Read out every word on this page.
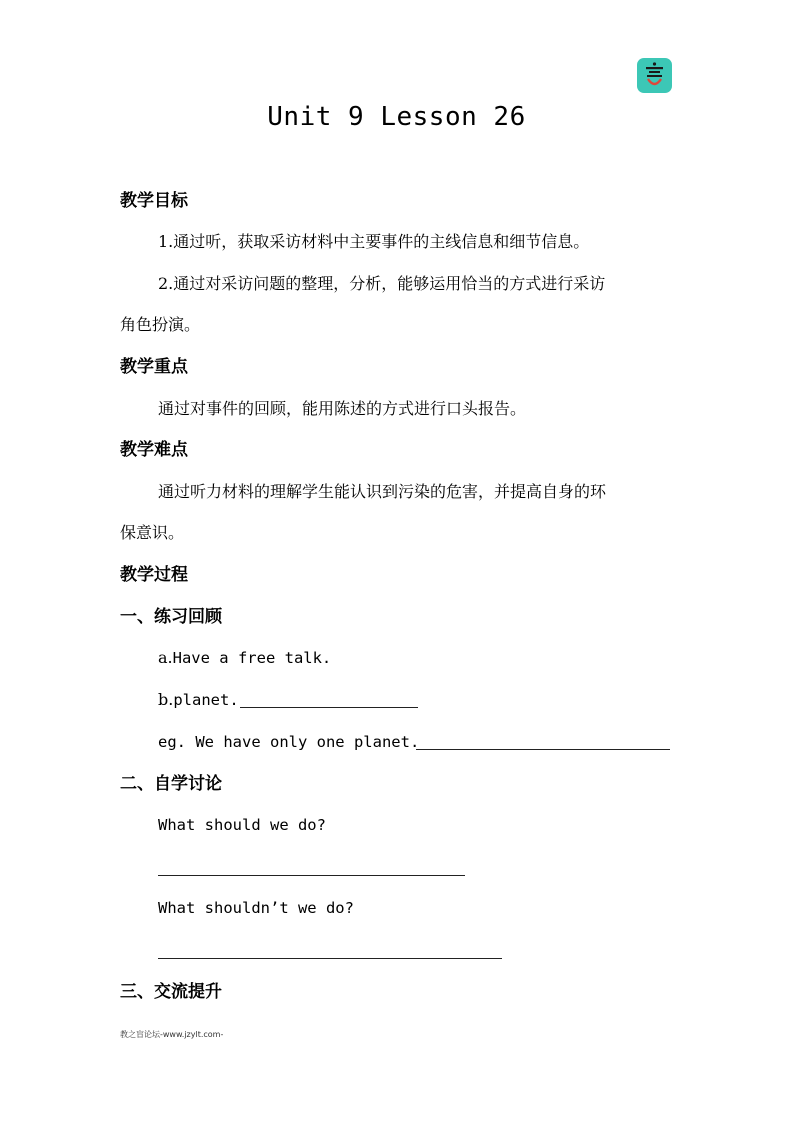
Unit 9 Lesson 26
教学目标
1.通过听，获取采访材料中主要事件的主线信息和细节信息。
2.通过对采访问题的整理，分析，能够运用恰当的方式进行采访
角色扮演。
教学重点
通过对事件的回顾，能用陈述的方式进行口头报告。
教学难点
通过听力材料的理解学生能认识到污染的危害，并提高自身的环
保意识。
教学过程
一、练习回顾
a.Have a free talk.
b.planet.
eg. We have only one planet.
二、自学讨论
What should we do?
What shouldn’t we do?
三、交流提升
教之盲论坛-www.jzylt.com-
